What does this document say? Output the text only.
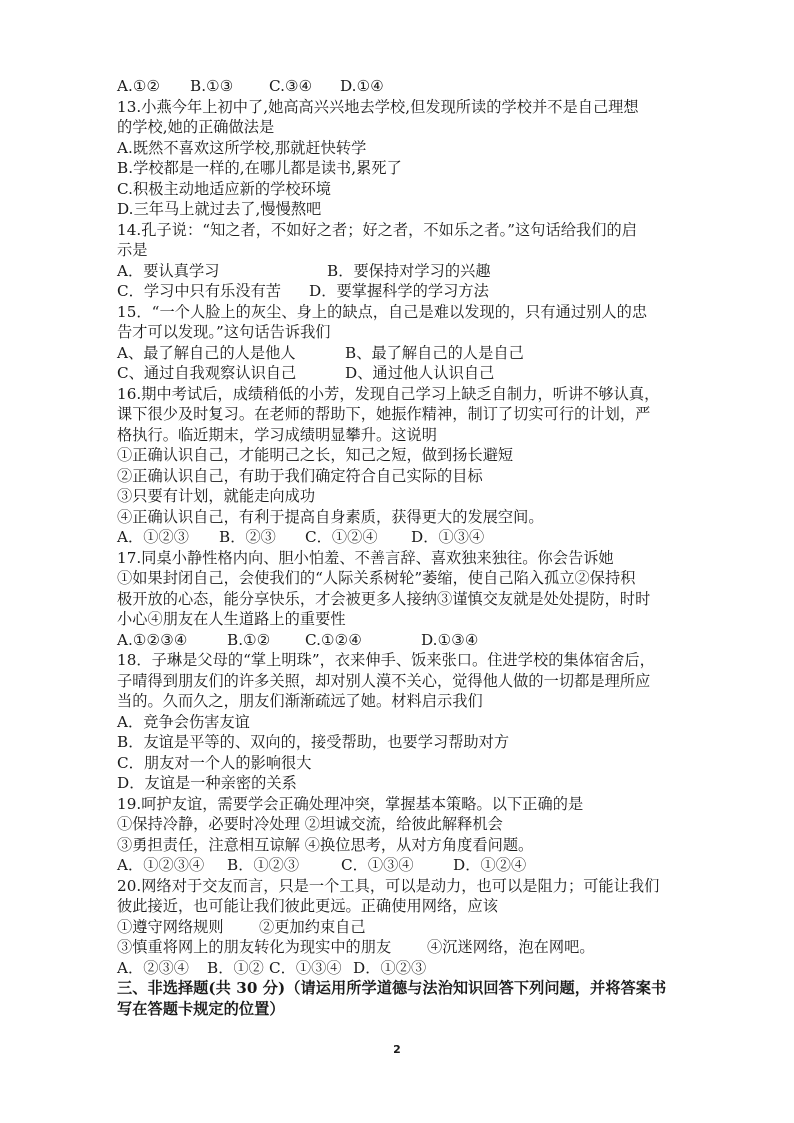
A.①② B.①③ C.③④ D.①④
13.小燕今年上初中了,她高高兴兴地去学校,但发现所读的学校并不是自己理想
的学校,她的正确做法是
A.既然不喜欢这所学校,那就赶快转学
B.学校都是一样的,在哪儿都是读书,累死了
C.积极主动地适应新的学校环境
D.三年马上就过去了,慢慢熬吧
14.孔子说：“知之者，不如好之者；好之者，不如乐之者。”这句话给我们的启
示是
A．要认真学习	B．要保持对学习的兴趣
C．学习中只有乐没有苦 D．要掌握科学的学习方法
15．“一个人脸上的灰尘、身上的缺点，自己是难以发现的，只有通过别人的忠
告才可以发现。”这句话告诉我们
A、最了解自己的人是他人	B、最了解自己的人是自己
C、通过自我观察认识自己	D、通过他人认识自己
16.期中考试后，成绩稍低的小芳，发现自己学习上缺乏自制力，听讲不够认真，
课下很少及时复习。在老师的帮助下，她振作精神，制订了切实可行的计划，严
格执行。临近期末，学习成绩明显攀升。这说明
①正确认识自己，才能明己之长，知己之短，做到扬长避短
②正确认识自己，有助于我们确定符合自己实际的目标
③只要有计划，就能走向成功
④正确认识自己，有利于提高自身素质，获得更大的发展空间。
A．①②③ B．②③ C．①②④ D．①③④
17.同桌小静性格内向、胆小怕羞、不善言辞、喜欢独来独往。你会告诉她
①如果封闭自己，会使我们的“人际关系树轮”萎缩，使自己陷入孤立②保持积
极开放的心态，能分享快乐，才会被更多人接纳③谨慎交友就是处处提防，时时
小心④朋友在人生道路上的重要性
A.①②③④	B.①② C.①②④	D.①③④
18．子琳是父母的“掌上明珠”，衣来伸手、饭来张口。住进学校的集体宿舍后，
子晴得到朋友们的许多关照，却对别人漠不关心，觉得他人做的一切都是理所应
当的。久而久之，朋友们渐渐疏远了她。材料启示我们
A．竞争会伤害友谊
B．友谊是平等的、双向的，接受帮助，也要学习帮助对方
C．朋友对一个人的影响很大
D．友谊是一种亲密的关系
19.呵护友谊，需要学会正确处理冲突，掌握基本策略。以下正确的是
①保持冷静，必要时冷处理 ②坦诚交流，给彼此解释机会
③勇担责任，注意相互谅解 ④换位思考，从对方角度看问题。
A．①②③④ B．①②③	C．①③④	D．①②④
20.网络对于交友而言，只是一个工具，可以是动力，也可以是阻力；可能让我们
彼此接近，也可能让我们彼此更远。正确使用网络，应该
①遵守网络规则 ②更加约束自己
③慎重将网上的朋友转化为现实中的朋友 ④沉迷网络，泡在网吧。
A．②③④ B．①② C．①③④ D．①②③
三、非选择题(共 30 分)（请运用所学道德与法治知识回答下列问题，并将答案书
写在答题卡规定的位置）
2
